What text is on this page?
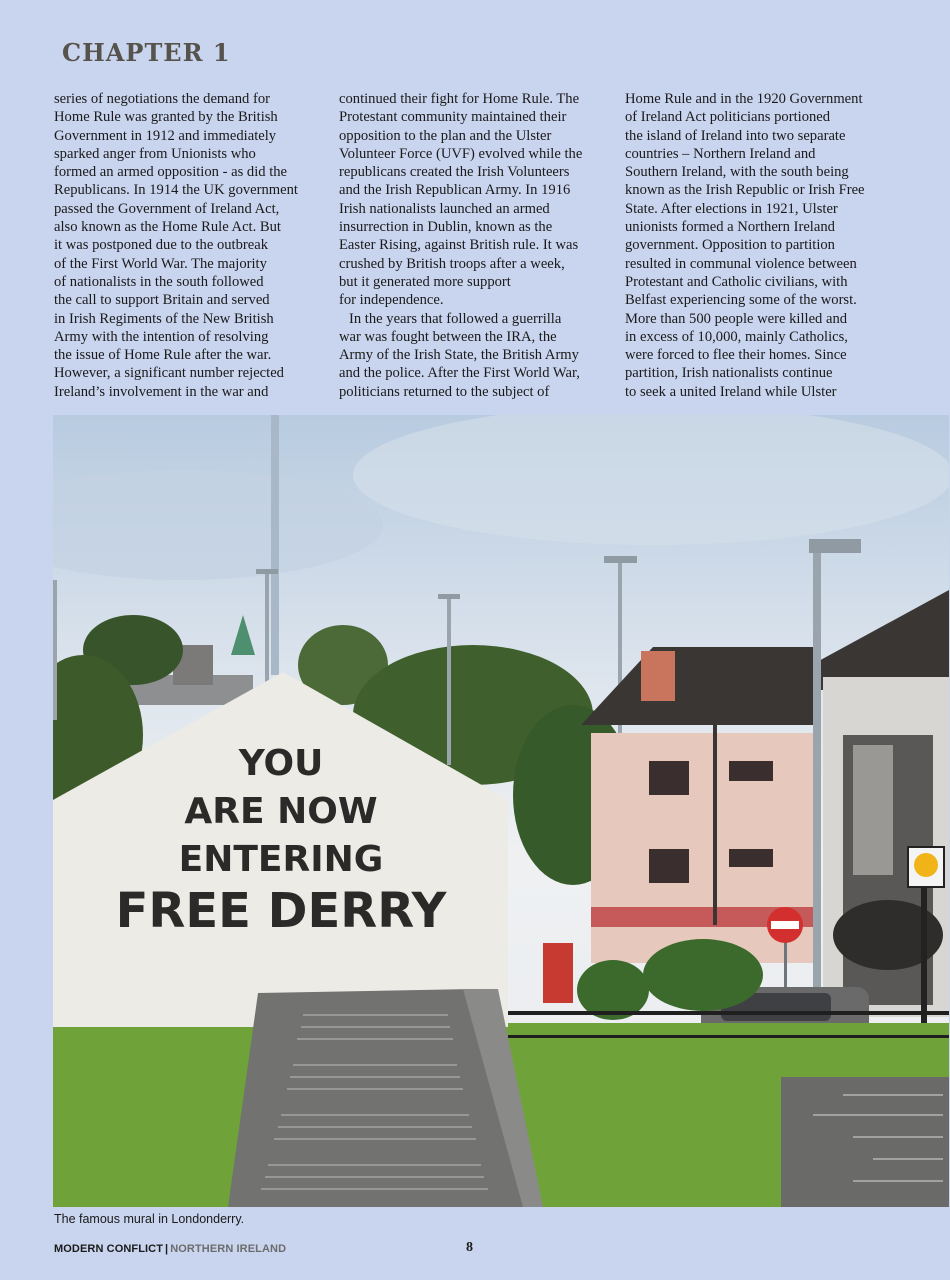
CHAPTER 1
series of negotiations the demand for
Home Rule was granted by the British
Government in 1912 and immediately
sparked anger from Unionists who
formed an armed opposition - as did the
Republicans. In 1914 the UK government
passed the Government of Ireland Act,
also known as the Home Rule Act. But
it was postponed due to the outbreak
of the First World War. The majority
of nationalists in the south followed
the call to support Britain and served
in Irish Regiments of the New British
Army with the intention of resolving
the issue of Home Rule after the war.
However, a significant number rejected
Ireland’s involvement in the war and
continued their fight for Home Rule. The
Protestant community maintained their
opposition to the plan and the Ulster
Volunteer Force (UVF) evolved while the
republicans created the Irish Volunteers
and the Irish Republican Army. In 1916
Irish nationalists launched an armed
insurrection in Dublin, known as the
Easter Rising, against British rule. It was
crushed by British troops after a week,
but it generated more support
for independence.
In the years that followed a guerrilla
war was fought between the IRA, the
Army of the Irish State, the British Army
and the police. After the First World War,
politicians returned to the subject of
Home Rule and in the 1920 Government
of Ireland Act politicians portioned
the island of Ireland into two separate
countries – Northern Ireland and
Southern Ireland, with the south being
known as the Irish Republic or Irish Free
State. After elections in 1921, Ulster
unionists formed a Northern Ireland
government. Opposition to partition
resulted in communal violence between
Protestant and Catholic civilians, with
Belfast experiencing some of the worst.
More than 500 people were killed and
in excess of 10,000, mainly Catholics,
were forced to flee their homes. Since
partition, Irish nationalists continue
to seek a united Ireland while Ulster
YOU
ARE NOW
ENTERING
FREE DERRY

The famous mural in Londonderry.

MODERN CONFLICT | NORTHERN IRELAND	8
